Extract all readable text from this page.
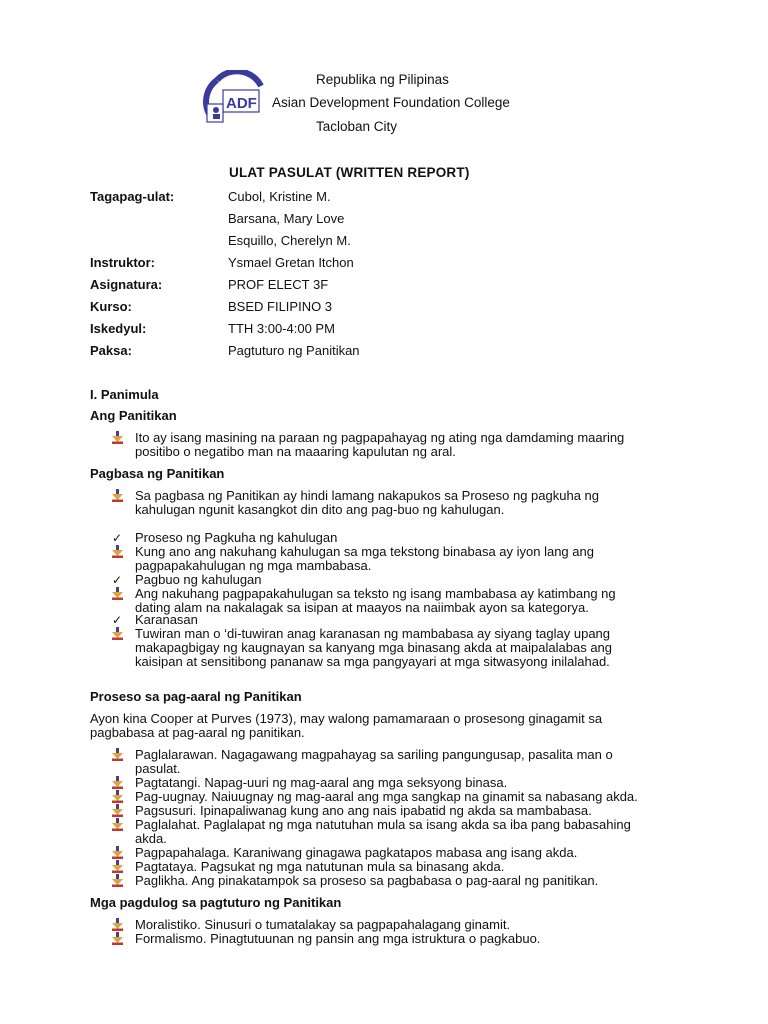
ADF
Republika ng Pilipinas
Asian Development Foundation College
Tacloban City
ULAT PASULAT (WRITTEN REPORT)
Tagapag-ulat:	Cubol, Kristine M.
Barsana, Mary Love
Esquillo, Cherelyn M.
Instruktor:	Ysmael Gretan Itchon
Asignatura:	PROF ELECT 3F
Kurso:	BSED FILIPINO 3
Iskedyul:	TTH 3:00-4:00 PM
Paksa:	Pagtuturo ng Panitikan
I. Panimula
Ang Panitikan
Ito ay isang masining na paraan ng pagpapahayag ng ating nga damdaming maaring
positibo o negatibo man na maaaring kapulutan ng aral.
Pagbasa ng Panitikan
Sa pagbasa ng Panitikan ay hindi lamang nakapukos sa Proseso ng pagkuha ng
kahulugan ngunit kasangkot din dito ang pag-buo ng kahulugan.
✓ Proseso ng Pagkuha ng kahulugan
Kung ano ang nakuhang kahulugan sa mga tekstong binabasa ay iyon lang ang
pagpapakahulugan ng mga mambabasa.
✓ Pagbuo ng kahulugan
Ang nakuhang pagpapakahulugan sa teksto ng isang mambabasa ay katimbang ng
dating alam na nakalagak sa isipan at maayos na naiimbak ayon sa kategorya.
✓ Karanasan
Tuwiran man o ‘di-tuwiran anag karanasan ng mambabasa ay siyang taglay upang
makapagbigay ng kaugnayan sa kanyang mga binasang akda at maipalalabas ang
kaisipan at sensitibong pananaw sa mga pangyayari at mga sitwasyong inilalahad.
Proseso sa pag-aaral ng Panitikan
Ayon kina Cooper at Purves (1973), may walong pamamaraan o prosesong ginagamit sa
pagbabasa at pag-aaral ng panitikan.
Paglalarawan. Nagagawang magpahayag sa sariling pangungusap, pasalita man o
pasulat.
Pagtatangi. Napag-uuri ng mag-aaral ang mga seksyong binasa.
Pag-uugnay. Naiuugnay ng mag-aaral ang mga sangkap na ginamit sa nabasang akda.
Pagsusuri. Ipinapaliwanag kung ano ang nais ipabatid ng akda sa mambabasa.
Paglalahat. Paglalapat ng mga natutuhan mula sa isang akda sa iba pang babasahing
akda.
Pagpapahalaga. Karaniwang ginagawa pagkatapos mabasa ang isang akda.
Pagtataya. Pagsukat ng mga natutunan mula sa binasang akda.
Paglikha. Ang pinakatampok sa proseso sa pagbabasa o pag-aaral ng panitikan.
Mga pagdulog sa pagtuturo ng Panitikan
Moralistiko. Sinusuri o tumatalakay sa pagpapahalagang ginamit.
Formalismo. Pinagtutuunan ng pansin ang mga istruktura o pagkabuo.
